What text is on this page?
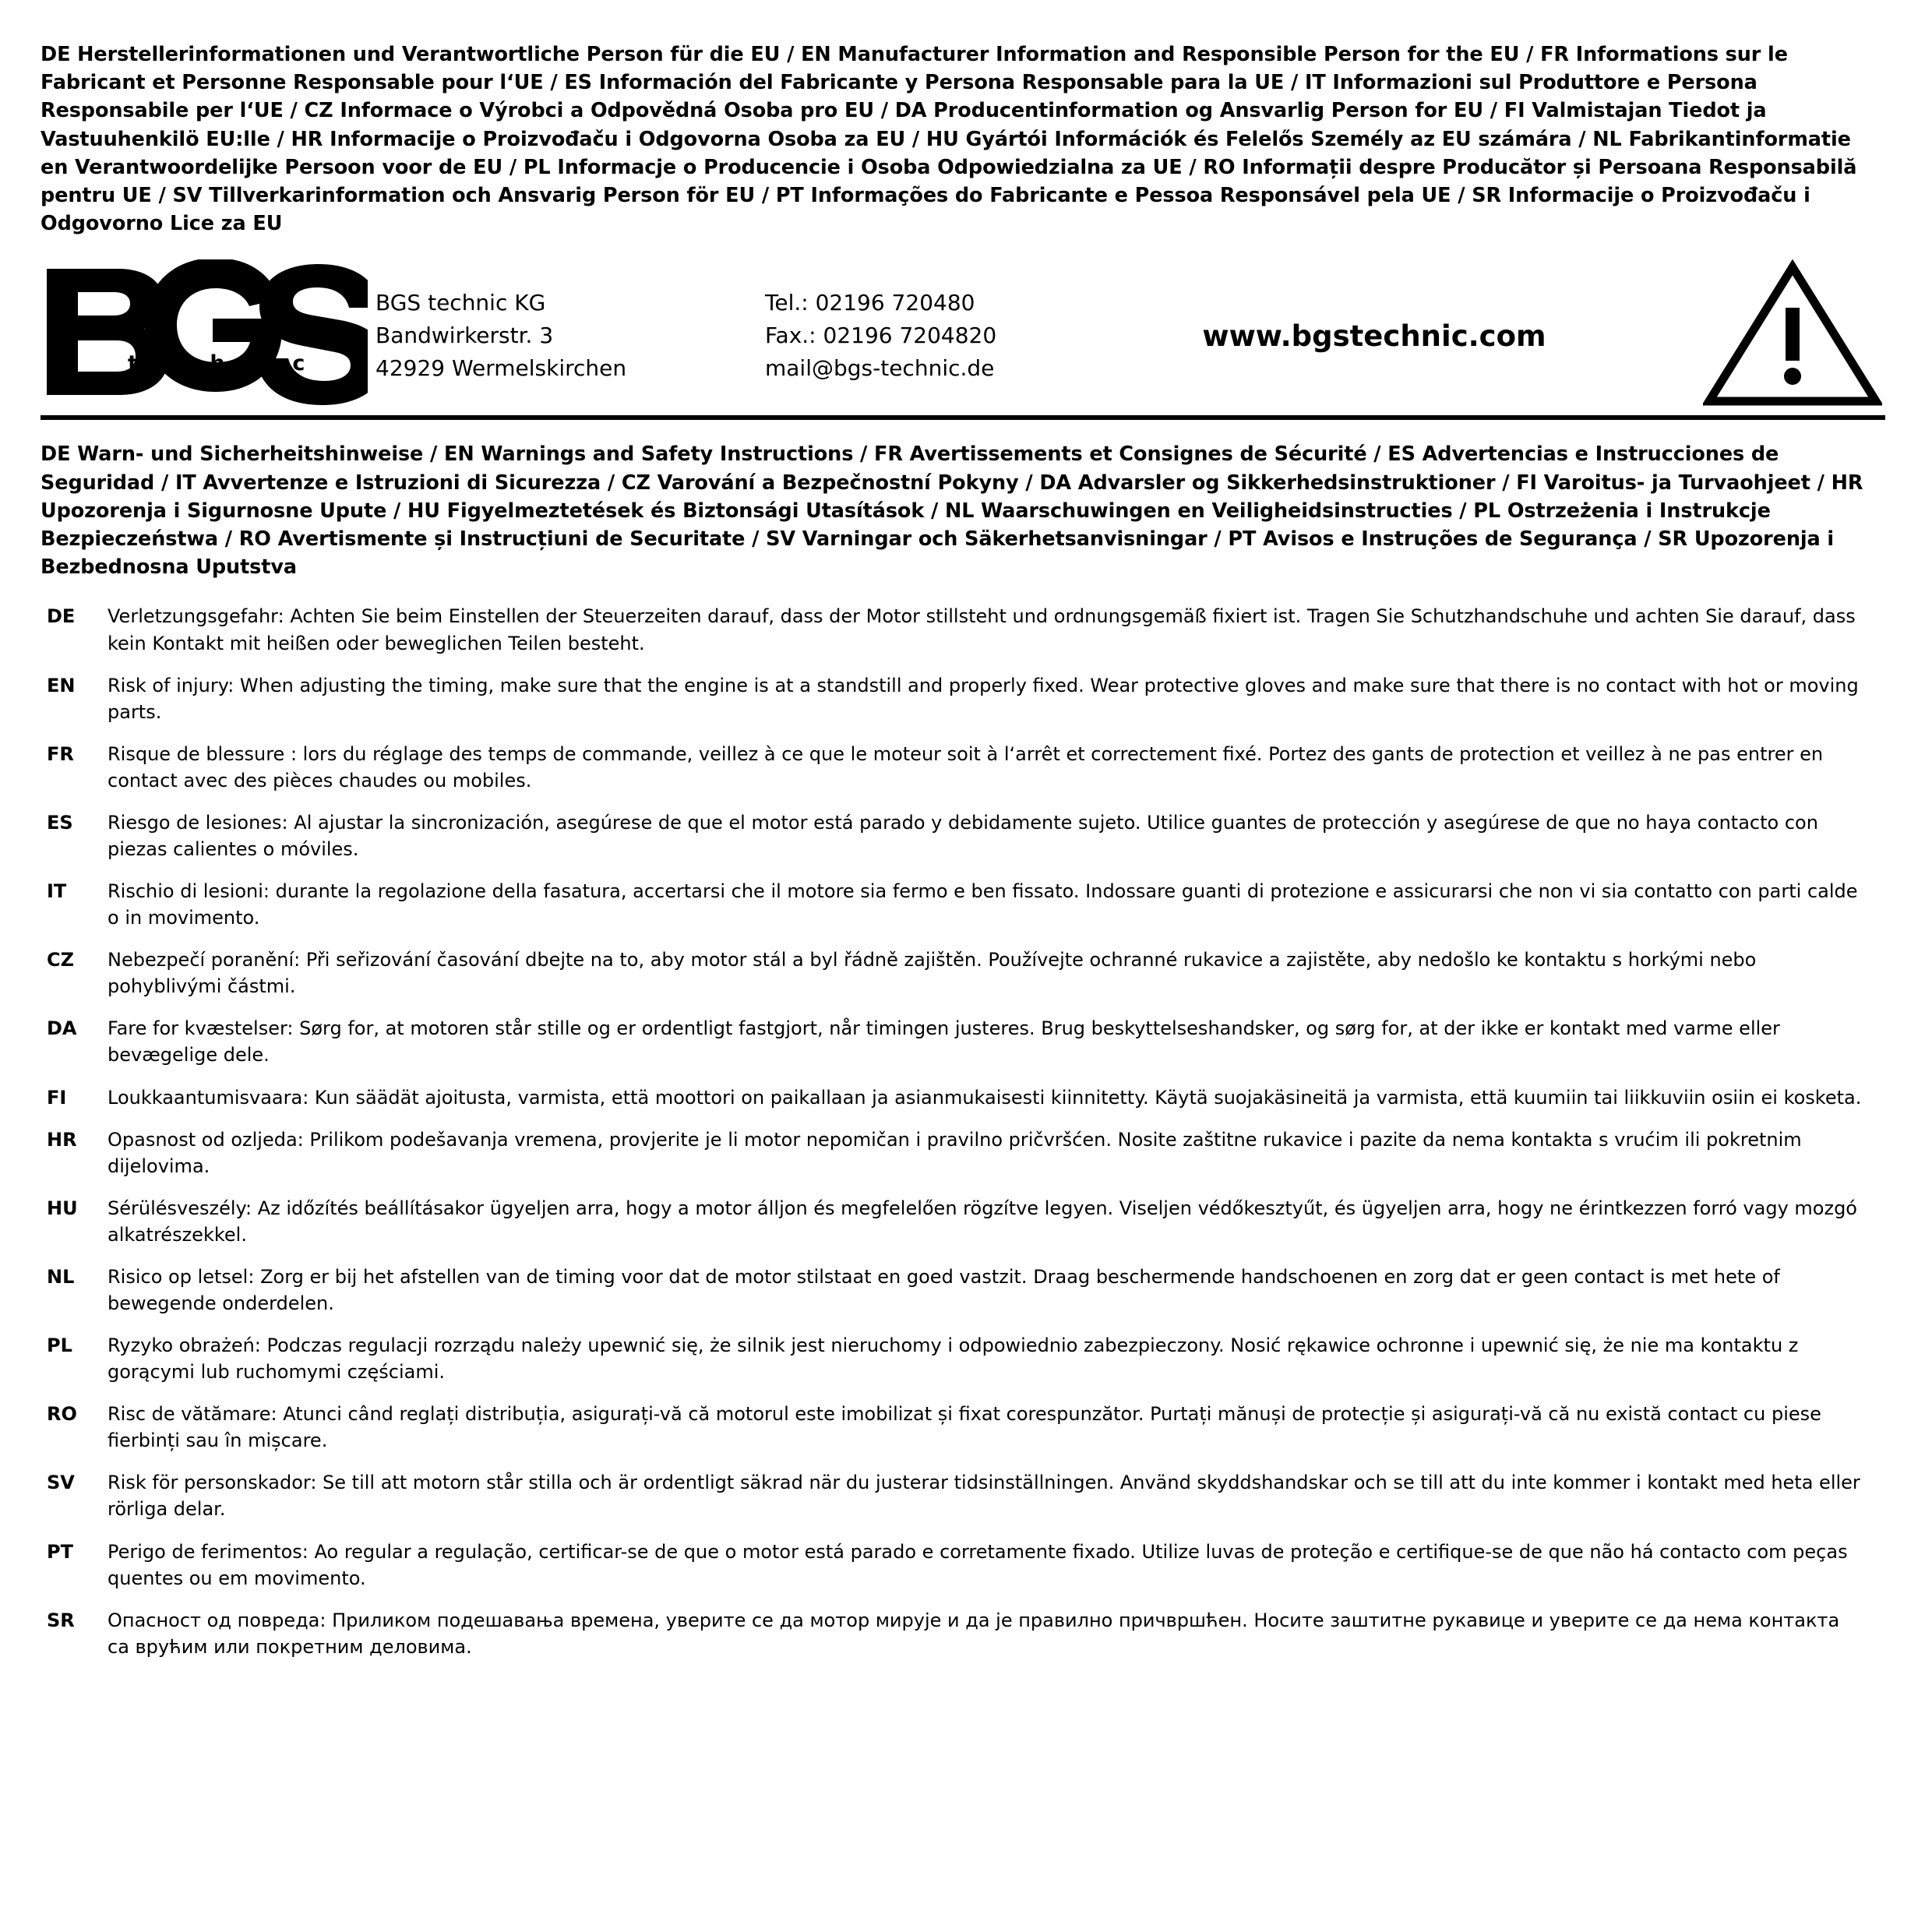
DE Herstellerinformationen und Verantwortliche Person für die EU / EN Manufacturer Information and Responsible Person for the EU / FR Informations sur le Fabricant et Personne Responsable pour l‘UE / ES Información del Fabricante y Persona Responsable para la UE / IT Informazioni sul Produttore e Persona Responsabile per l‘UE / CZ Informace o Výrobci a Odpovědná Osoba pro EU / DA Producentinformation og Ansvarlig Person for EU / FI Valmistajan Tiedot ja Vastuuhenkilö EU:lle / HR Informacije o Proizvođaču i Odgovorna Osoba za EU / HU Gyártói Információk és Felelős Személy az EU számára / NL Fabrikantinformatie en Verantwoordelijke Persoon voor de EU / PL Informacje o Producencie i Osoba Odpowiedzialna za UE / RO Informații despre Producător și Persoana Responsabilă pentru UE / SV Tillverkarinformation och Ansvarig Person för EU / PT Informações do Fabricante e Pessoa Responsável pela UE / SR Informacije o Proizvođaču i Odgovorno Lice za EU
®
t e c h n i c
BGS technic KG
Bandwirkerstr. 3
42929 Wermelskirchen
Tel.: 02196 720480
Fax.: 02196 7204820
mail@bgs-technic.de
www.bgstechnic.com
DE Warn- und Sicherheitshinweise / EN Warnings and Safety Instructions / FR Avertissements et Consignes de Sécurité / ES Advertencias e Instrucciones de Seguridad / IT Avvertenze e Istruzioni di Sicurezza / CZ Varování a Bezpečnostní Pokyny / DA Advarsler og Sikkerhedsinstruktioner / FI Varoitus- ja Turvaohjeet / HR Upozorenja i Sigurnosne Upute / HU Figyelmeztetések és Biztonsági Utasítások / NL Waarschuwingen en Veiligheidsinstructies / PL Ostrzeżenia i Instrukcje Bezpieczeństwa / RO Avertismente și Instrucțiuni de Securitate / SV Varningar och Säkerhetsanvisningar / PT Avisos e Instruções de Segurança / SR Upozorenja i Bezbednosna Uputstva
DE	Verletzungsgefahr: Achten Sie beim Einstellen der Steuerzeiten darauf, dass der Motor stillsteht und ordnungsgemäß fixiert ist. Tragen Sie Schutzhandschuhe und achten Sie darauf, dass kein Kontakt mit heißen oder beweglichen Teilen besteht.
EN	Risk of injury: When adjusting the timing, make sure that the engine is at a standstill and properly fixed. Wear protective gloves and make sure that there is no contact with hot or moving parts.
FR	Risque de blessure : lors du réglage des temps de commande, veillez à ce que le moteur soit à l‘arrêt et correctement fixé. Portez des gants de protection et veillez à ne pas entrer en contact avec des pièces chaudes ou mobiles.
ES	Riesgo de lesiones: Al ajustar la sincronización, asegúrese de que el motor está parado y debidamente sujeto. Utilice guantes de protección y asegúrese de que no haya contacto con piezas calientes o móviles.
IT	Rischio di lesioni: durante la regolazione della fasatura, accertarsi che il motore sia fermo e ben fissato. Indossare guanti di protezione e assicurarsi che non vi sia contatto con parti calde o in movimento.
CZ	Nebezpečí poranění: Při seřizování časování dbejte na to, aby motor stál a byl řádně zajištěn. Používejte ochranné rukavice a zajistěte, aby nedošlo ke kontaktu s horkými nebo pohyblivými částmi.
DA	Fare for kvæstelser: Sørg for, at motoren står stille og er ordentligt fastgjort, når timingen justeres. Brug beskyttelseshandsker, og sørg for, at der ikke er kontakt med varme eller bevægelige dele.
FI	Loukkaantumisvaara: Kun säädät ajoitusta, varmista, että moottori on paikallaan ja asianmukaisesti kiinnitetty. Käytä suojakäsineitä ja varmista, että kuumiin tai liikkuviin osiin ei kosketa.
HR	Opasnost od ozljeda: Prilikom podešavanja vremena, provjerite je li motor nepomičan i pravilno pričvršćen. Nosite zaštitne rukavice i pazite da nema kontakta s vrućim ili pokretnim dijelovima.
HU	Sérülésveszély: Az időzítés beállításakor ügyeljen arra, hogy a motor álljon és megfelelően rögzítve legyen. Viseljen védőkesztyűt, és ügyeljen arra, hogy ne érintkezzen forró vagy mozgó alkatrészekkel.
NL	Risico op letsel: Zorg er bij het afstellen van de timing voor dat de motor stilstaat en goed vastzit. Draag beschermende handschoenen en zorg dat er geen contact is met hete of bewegende onderdelen.
PL	Ryzyko obrażeń: Podczas regulacji rozrządu należy upewnić się, że silnik jest nieruchomy i odpowiednio zabezpieczony. Nosić rękawice ochronne i upewnić się, że nie ma kontaktu z gorącymi lub ruchomymi częściami.
RO	Risc de vătămare: Atunci când reglați distribuția, asigurați-vă că motorul este imobilizat și fixat corespunzător. Purtați mănuși de protecție și asigurați-vă că nu există contact cu piese fierbinți sau în mișcare.
SV	Risk för personskador: Se till att motorn står stilla och är ordentligt säkrad när du justerar tidsinställningen. Använd skyddshandskar och se till att du inte kommer i kontakt med heta eller rörliga delar.
PT	Perigo de ferimentos: Ao regular a regulação, certificar-se de que o motor está parado e corretamente fixado. Utilize luvas de proteção e certifique-se de que não há contacto com peças quentes ou em movimento.
SR	Опасност од повреда: Приликом подешавања времена, уверите се да мотор мирује и да је правилно причвршћен. Носите заштитне рукавице и уверите се да нема контакта са врућим или покретним деловима.
